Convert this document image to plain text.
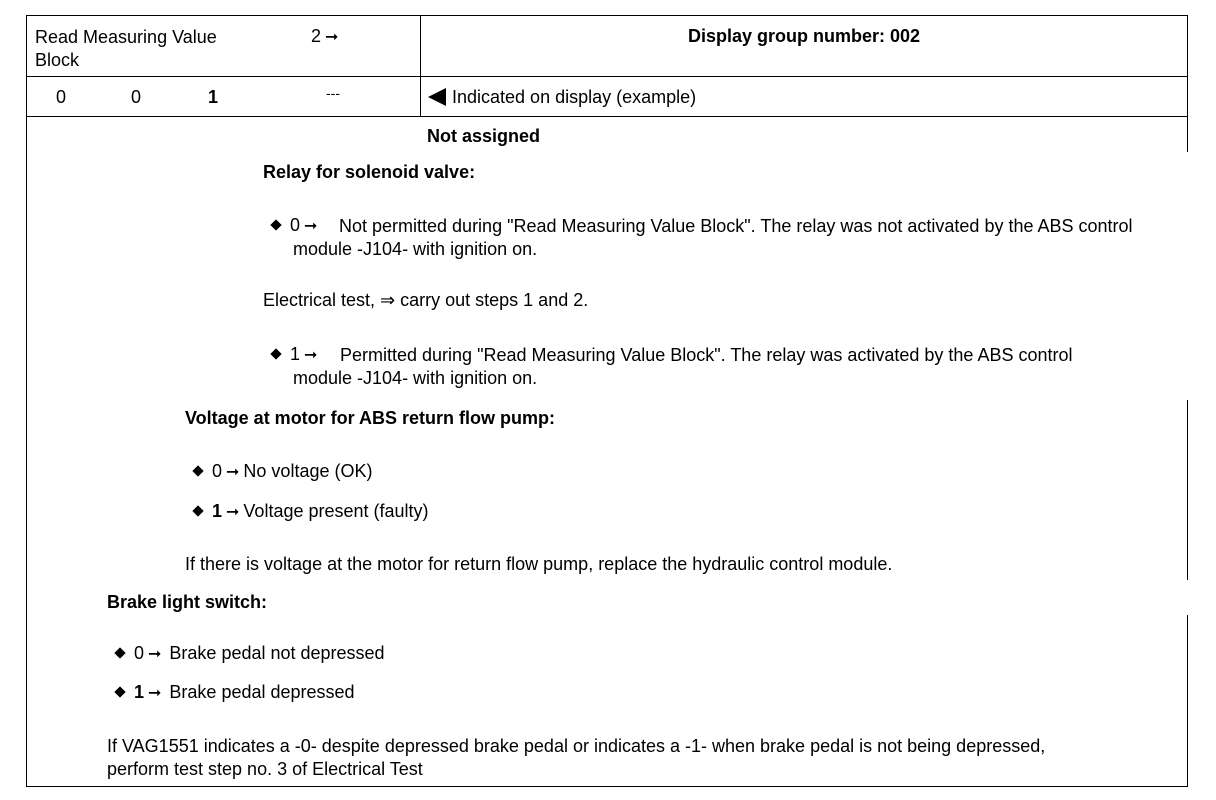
Read Measuring Value Block
2 ➞	Display group number: 002
0	0	1	---	Indicated on display (example)
Not assigned
Relay for solenoid valve:
0 ➞	Not permitted during "Read Measuring Value Block". The relay was not activated by the ABS control module -J104- with ignition on.
Electrical test, ⇒ carry out steps 1 and 2.
1 ➞	Permitted during "Read Measuring Value Block". The relay was activated by the ABS control module -J104- with ignition on.
Voltage at motor for ABS return flow pump:
0 ➞ No voltage (OK)
1 ➞ Voltage present (faulty)
If there is voltage at the motor for return flow pump, replace the hydraulic control module.
Brake light switch:
0 ➞ Brake pedal not depressed
1 ➞ Brake pedal depressed
If VAG1551 indicates a -0- despite depressed brake pedal or indicates a -1- when brake pedal is not being depressed, perform test step no. 3 of Electrical Test
